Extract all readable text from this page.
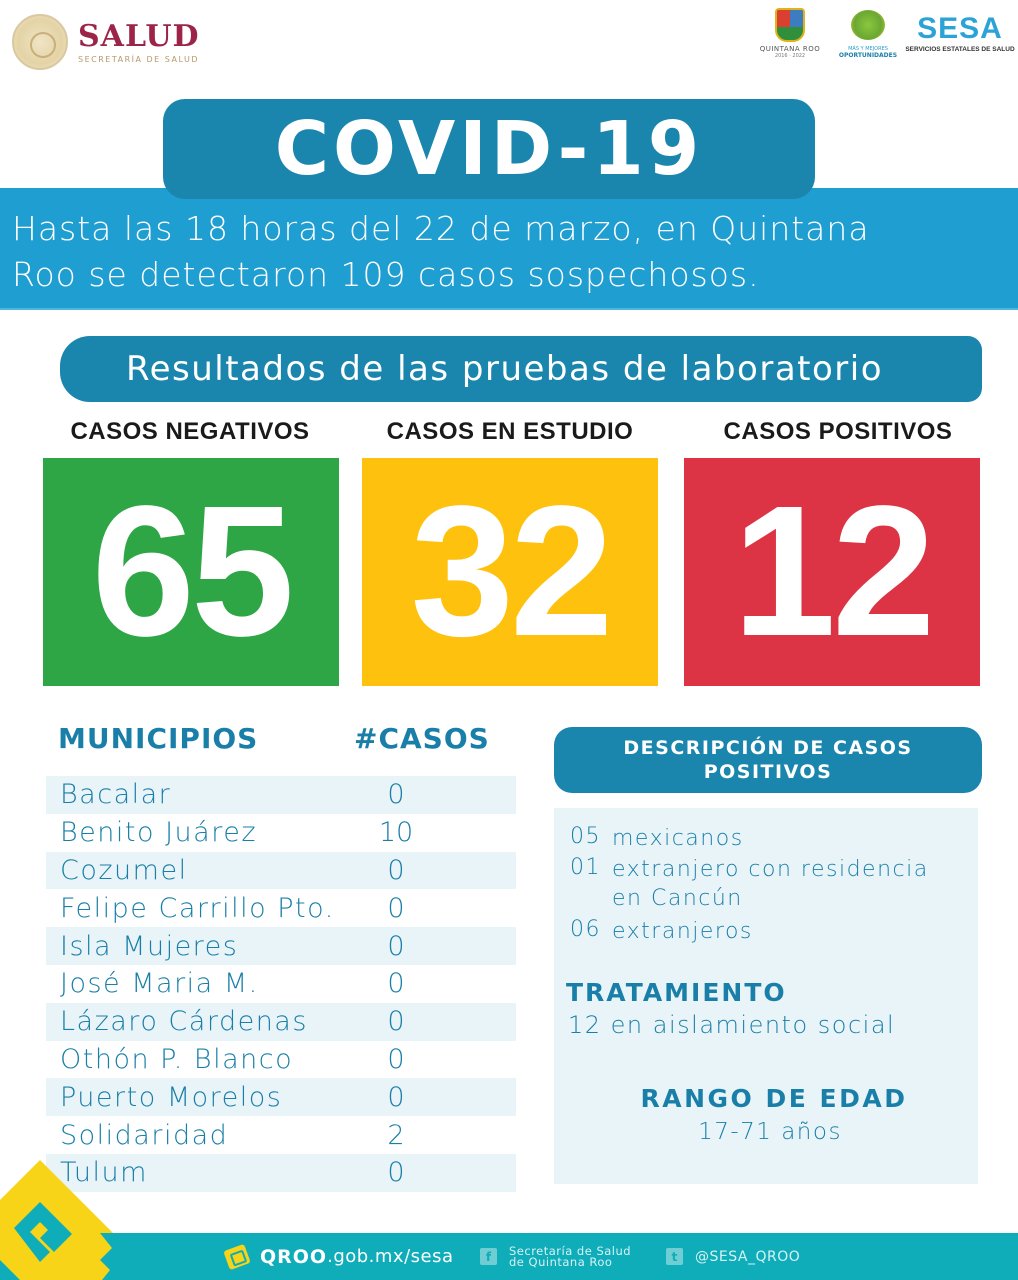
SALUD
SECRETARÍA DE SALUD
QUINTANA ROO
2016 · 2022
MÁS Y MEJORES
OPORTUNIDADES
SESA
SERVICIOS ESTATALES DE SALUD
COVID-19
Hasta las 18 horas del 22 de marzo, en Quintana
Roo se detectaron 109 casos sospechosos.
Resultados de las pruebas de laboratorio
CASOS NEGATIVOS	CASOS EN ESTUDIO	CASOS POSITIVOS
65 32 12
MUNICIPIOS	#CASOS
Bacalar	0
Benito Juárez	10
Cozumel	0
Felipe Carrillo Pto.	0
Isla Mujeres	0
José Maria M.	0
Lázaro Cárdenas	0
Othón P. Blanco	0
Puerto Morelos	0
Solidaridad	2
Tulum	0
DESCRIPCIÓN DE CASOS
POSITIVOS
05 mexicanos
01 extranjero con residencia en Cancún
06 extranjeros
TRATAMIENTO
12 en aislamiento social
RANGO DE EDAD
17-71 años
QROO .gob.mx/sesa	f	Secretaría de Salud
de Quintana Roo	t	@SESA_QROO
